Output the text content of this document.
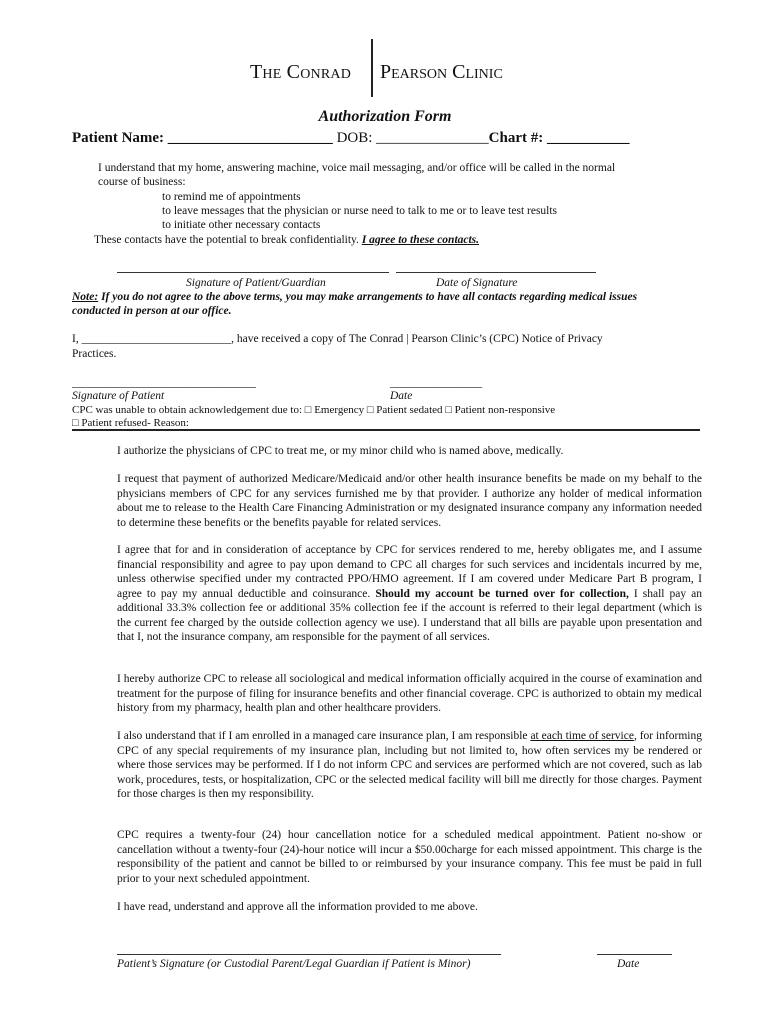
The Conrad Pearson Clinic
Authorization Form
Patient Name: ______________________ DOB: _______________Chart #: ___________
I understand that my home, answering machine, voice mail messaging, and/or office will be called in the normal
course of business:
to remind me of appointments
to leave messages that the physician or nurse need to talk to me or to leave test results
to initiate other necessary contacts
These contacts have the potential to break confidentiality. I agree to these contacts.
Signature of Patient/Guardian	Date of Signature
Note: If you do not agree to the above terms, you may make arrangements to have all contacts regarding medical issues
conducted in person at our office.
I, __________________________, have received a copy of The Conrad | Pearson Clinic’s (CPC) Notice of Privacy
Practices.
________________________________	________________
Signature of Patient	Date
CPC was unable to obtain acknowledgement due to: □ Emergency □ Patient sedated □ Patient non-responsive
□ Patient refused- Reason:

I authorize the physicians of CPC to treat me, or my minor child who is named above, medically.

I request that payment of authorized Medicare/Medicaid and/or other health insurance benefits be made on my behalf to the physicians members of CPC for any services furnished me by that provider. I authorize any holder of medical information about me to release to the Health Care Financing Administration or my designated insurance company any information needed to determine these benefits or the benefits payable for related services.

I agree that for and in consideration of acceptance by CPC for services rendered to me, hereby obligates me, and I assume financial responsibility and agree to pay upon demand to CPC all charges for such services and incidentals incurred by me, unless otherwise specified under my contracted PPO/HMO agreement. If I am covered under Medicare Part B program, I agree to pay my annual deductible and coinsurance. Should my account be turned over for collection, I shall pay an additional 33.3% collection fee or additional 35% collection fee if the account is referred to their legal department (which is the current fee charged by the outside collection agency we use). I understand that all bills are payable upon presentation and that I, not the insurance company, am responsible for the payment of all services.

I hereby authorize CPC to release all sociological and medical information officially acquired in the course of examination and treatment for the purpose of filing for insurance benefits and other financial coverage. CPC is authorized to obtain my medical history from my pharmacy, health plan and other healthcare providers.

I also understand that if I am enrolled in a managed care insurance plan, I am responsible at each time of service, for informing CPC of any special requirements of my insurance plan, including but not limited to, how often services my be rendered or where those services may be performed. If I do not inform CPC and services are performed which are not covered, such as lab work, procedures, tests, or hospitalization, CPC or the selected medical facility will bill me directly for those charges. Payment for those charges is then my responsibility.

CPC requires a twenty-four (24) hour cancellation notice for a scheduled medical appointment. Patient no-show or cancellation without a twenty-four (24)-hour notice will incur a $50.00charge for each missed appointment. This charge is the responsibility of the patient and cannot be billed to or reimbursed by your insurance company. This fee must be paid in full prior to your next scheduled appointment.

I have read, understand and approve all the information provided to me above.

Patient’s Signature (or Custodial Parent/Legal Guardian if Patient is Minor)	Date
